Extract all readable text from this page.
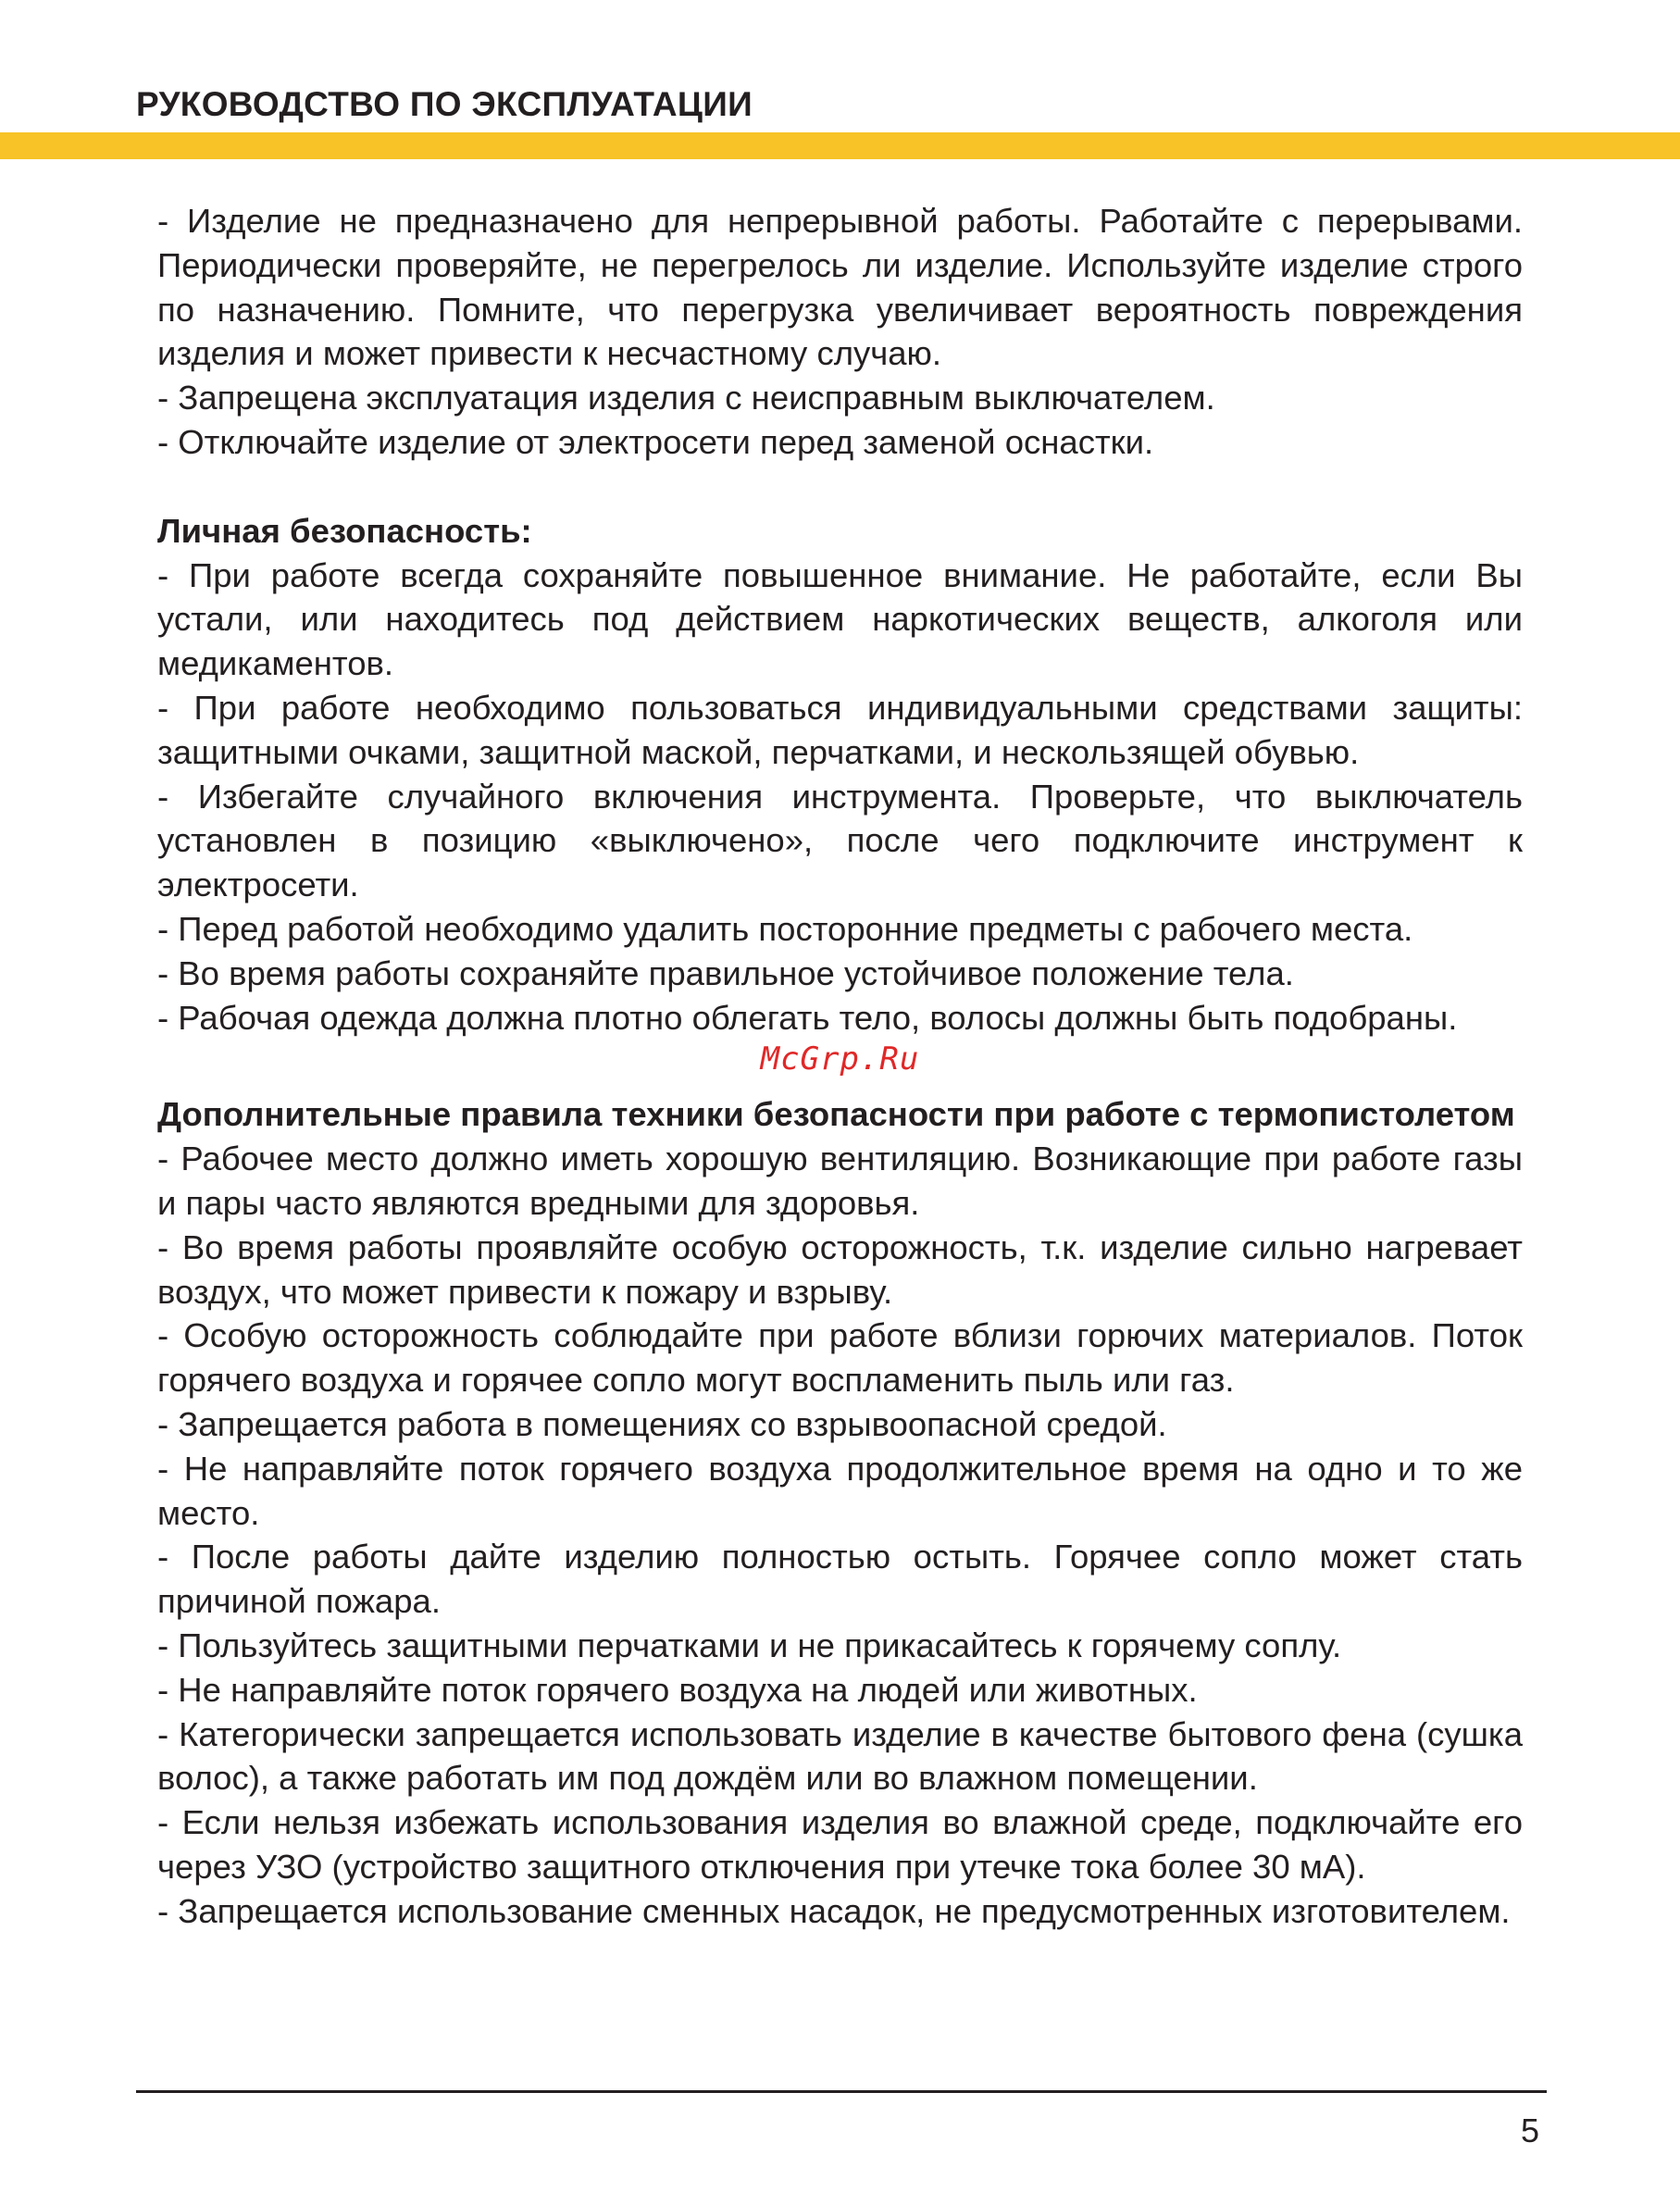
РУКОВОДСТВО ПО ЭКСПЛУАТАЦИИ

- Изделие не предназначено для непрерывной работы. Работайте с перерывами. Периодически проверяйте, не перегрелось ли изделие. Используйте изделие строго по назначению. Помните, что перегрузка увеличивает вероятность повреждения изделия и может привести к несчастному случаю.

- Запрещена эксплуатация изделия с неисправным выключателем.

- Отключайте изделие от электросети перед заменой оснастки.

Личная безопасность:

- При работе всегда сохраняйте повышенное внимание. Не работайте, если Вы устали, или находитесь под действием наркотических веществ, алкоголя или медикаментов.

- При работе необходимо пользоваться индивидуальными средствами защиты: защитными очками, защитной маской, перчатками, и нескользящей обувью.

- Избегайте случайного включения инструмента. Проверьте, что выключатель установлен в позицию «выключено», после чего подключите инструмент к электросети.

- Перед работой необходимо удалить посторонние предметы с рабочего места.

- Во время работы сохраняйте правильное устойчивое положение тела.

- Рабочая одежда должна плотно облегать тело, волосы должны быть подобраны.

McGrp.Ru

Дополнительные правила техники безопасности при работе с термопистолетом

- Рабочее место должно иметь хорошую вентиляцию. Возникающие при работе газы и пары часто являются вредными для здоровья.

- Во время работы проявляйте особую осторожность, т.к. изделие сильно нагревает воздух, что может привести к пожару и взрыву.

- Особую осторожность соблюдайте при работе вблизи горючих материалов. Поток горячего воздуха и горячее сопло могут воспламенить пыль или газ.

- Запрещается работа в помещениях со взрывоопасной средой.

- Не направляйте поток горячего воздуха продолжительное время на одно и то же место.

- После работы дайте изделию полностью остыть. Горячее сопло может стать причиной пожара.

- Пользуйтесь защитными перчатками и не прикасайтесь к горячему соплу.

- Не направляйте поток горячего воздуха на людей или животных.

- Категорически запрещается использовать изделие в качестве бытового фена (сушка волос), а также работать им под дождём или во влажном помещении.

- Если нельзя избежать использования изделия во влажной среде, подключайте его через УЗО (устройство защитного отключения при утечке тока более 30 мА).

- Запрещается использование сменных насадок, не предусмотренных изготовителем.

5
